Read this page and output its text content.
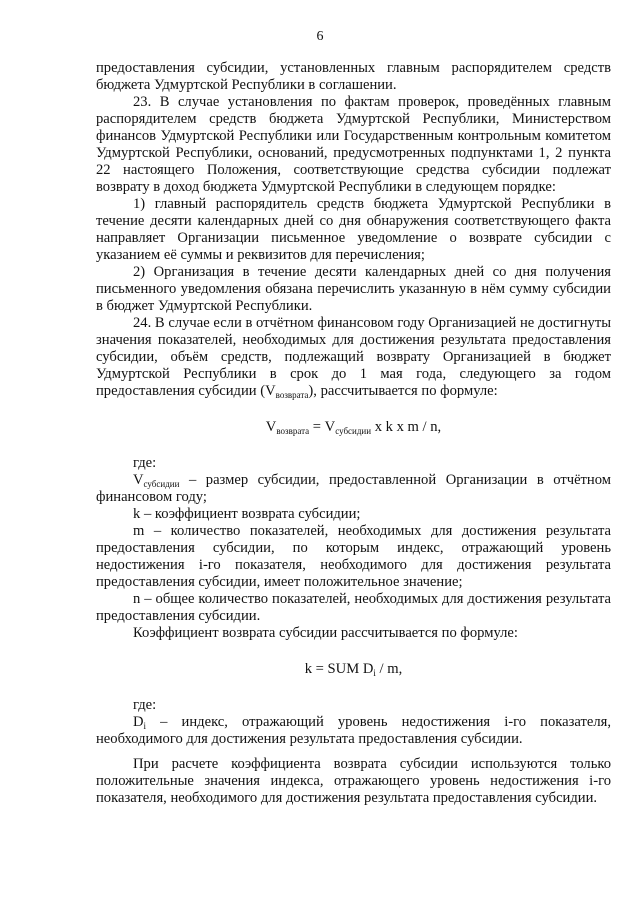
6

предоставления субсидии, установленных главным распорядителем средств бюджета Удмуртской Республики в соглашении.

23. В случае установления по фактам проверок, проведённых главным распорядителем средств бюджета Удмуртской Республики, Министерством финансов Удмуртской Республики или Государственным контрольным комитетом Удмуртской Республики, оснований, предусмотренных подпунктами 1, 2 пункта 22 настоящего Положения, соответствующие средства субсидии подлежат возврату в доход бюджета Удмуртской Республики в следующем порядке:

1) главный распорядитель средств бюджета Удмуртской Республики в течение десяти календарных дней со дня обнаружения соответствующего факта направляет Организации письменное уведомление о возврате субсидии с указанием её суммы и реквизитов для перечисления;

2) Организация в течение десяти календарных дней со дня получения письменного уведомления обязана перечислить указанную в нём сумму субсидии в бюджет Удмуртской Республики.

24. В случае если в отчётном финансовом году Организацией не достигнуты значения показателей, необходимых для достижения результата предоставления субсидии, объём средств, подлежащий возврату Организацией в бюджет Удмуртской Республики в срок до 1 мая года, следующего за годом предоставления субсидии $(V_{возврата})$, рассчитывается по формуле:

$V_{возврата} = V_{субсидии}$ x k x m / n,

где:

$V_{субсидии}$ – размер субсидии, предоставленной Организации в отчётном финансовом году;

k – коэффициент возврата субсидии;

m – количество показателей, необходимых для достижения результата предоставления субсидии, по которым индекс, отражающий уровень недостижения i-го показателя, необходимого для достижения результата предоставления субсидии, имеет положительное значение;

n – общее количество показателей, необходимых для достижения результата предоставления субсидии.

Коэффициент возврата субсидии рассчитывается по формуле:

k = SUM $D_i$ / m,

где:

$D_i$ – индекс, отражающий уровень недостижения i-го показателя, необходимого для достижения результата предоставления субсидии.

При расчете коэффициента возврата субсидии используются только положительные значения индекса, отражающего уровень недостижения i-го показателя, необходимого для достижения результата предоставления субсидии.
